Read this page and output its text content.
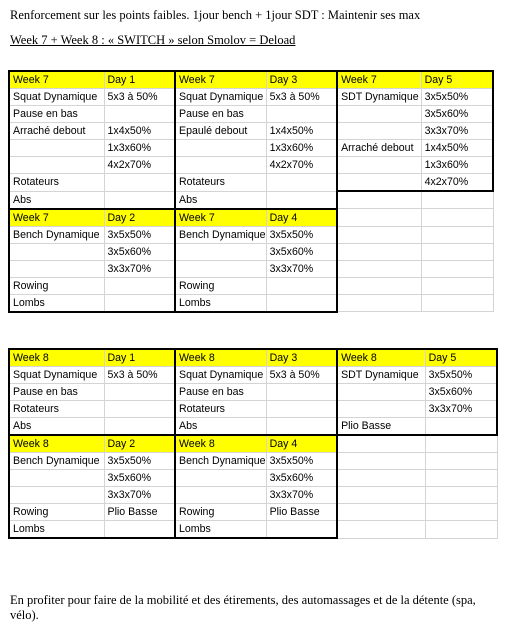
Renforcement sur les points faibles. 1jour bench + 1jour SDT : Maintenir ses max
Week 7 + Week 8 : « SWITCH » selon Smolov = Deload
Week 7	Day 1	Week 7	Day 3	Week 7	Day 5
Squat Dynamique	5x3 à 50%	Squat Dynamique	5x3 à 50%	SDT Dynamique	3x5x50%
Pause en bas		Pause en bas			3x5x60%
Arraché debout	1x4x50%	Epaulé debout	1x4x50%		3x3x70%
	1x3x60%		1x3x60%	Arraché debout	1x4x50%
	4x2x70%		4x2x70%		1x3x60%
Rotateurs		Rotateurs			4x2x70%
Abs		Abs			
Week 7	Day 2	Week 7	Day 4		
Bench Dynamique	3x5x50%	Bench Dynamique	3x5x50%		
	3x5x60%		3x5x60%		
	3x3x70%		3x3x70%		
Rowing		Rowing			
Lombs		Lombs			
Week 8	Day 1	Week 8	Day 3	Week 8	Day 5
Squat Dynamique	5x3 à 50%	Squat Dynamique	5x3 à 50%	SDT Dynamique	3x5x50%
Pause en bas		Pause en bas			3x5x60%
Rotateurs		Rotateurs			3x3x70%
Abs		Abs		Plio Basse	
Week 8	Day 2	Week 8	Day 4		
Bench Dynamique	3x5x50%	Bench Dynamique	3x5x50%		
	3x5x60%		3x5x60%		
	3x3x70%		3x3x70%		
Rowing	Plio Basse	Rowing	Plio Basse		
Lombs		Lombs			
En profiter pour faire de la mobilité et des étirements, des automassages et de la détente (spa, vélo).
